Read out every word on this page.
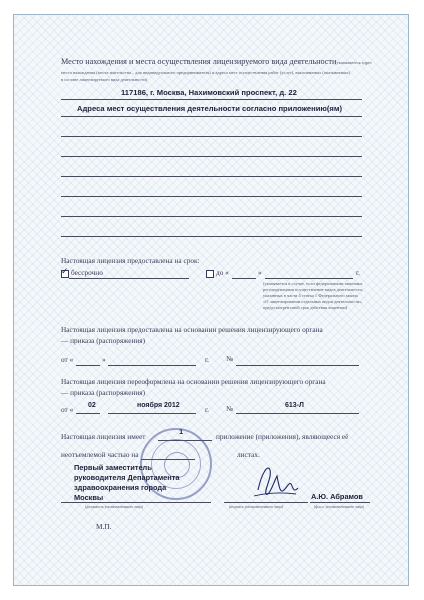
Место нахождения и места осуществления лицензируемого вида деятельности
(указываются адрес
места нахождения (места жительства – для индивидуального предпринимателя) и адреса мест осуществления работ (услуг), выполняемых (оказываемых)
в составе лицензируемого вида деятельности)
117186, г. Москва, Нахимовский проспект, д. 22
Адреса мест осуществления деятельности согласно приложению(ям)
Настоящая лицензия предоставлена на срок:
✓ бессрочно	до «	»	г.
(указывается в случае, если федеральными законами,
регулирующими осуществление видов деятельности,
указанных в части 4 статьи 1 Федерального закона
«О лицензировании отдельных видов деятельности»,
предусмотрен иной срок действия лицензии)
Настоящая лицензия предоставлена на основании решения лицензирующего органа
— приказа (распоряжения)
от «	»	г. №
Настоящая лицензия переоформлена на основании решения лицензирующего органа
— приказа (распоряжения)
от « 02	ноября 2012	г. №	613-Л
Настоящая лицензия имеет
1
приложение (приложения), являющееся её
неотъемлемой частью на	листах.
Первый заместитель
руководителя Департамента
здравоохранения города
Москвы
(должность уполномоченного лица)	(подпись уполномоченного лица)
А.Ю. Абрамов
(ф.и.о. уполномоченного лица)
М.П.
